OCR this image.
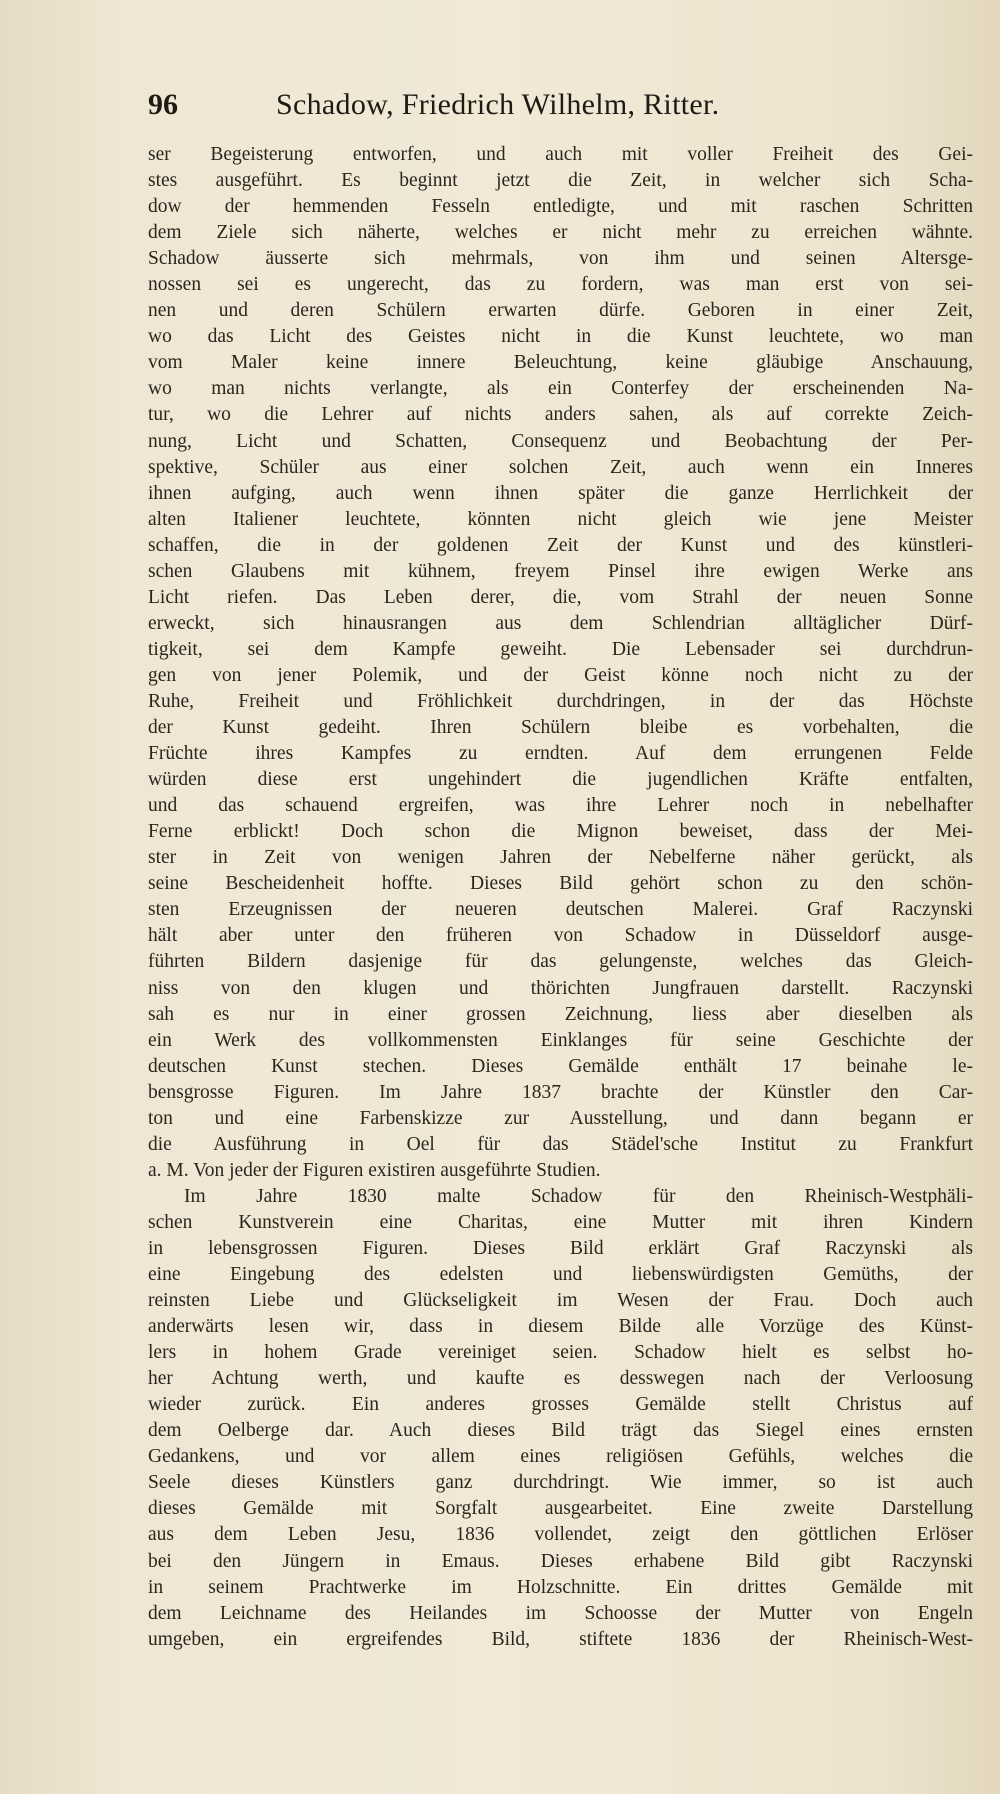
96	Schadow, Friedrich Wilhelm, Ritter.
ser Begeisterung entworfen, und auch mit voller Freiheit des Gei-
stes ausgeführt. Es beginnt jetzt die Zeit, in welcher sich Scha-
dow der hemmenden Fesseln entledigte, und mit raschen Schritten
dem Ziele sich näherte, welches er nicht mehr zu erreichen wähnte.
Schadow äusserte sich mehrmals, von ihm und seinen Altersge-
nossen sei es ungerecht, das zu fordern, was man erst von sei-
nen und deren Schülern erwarten dürfe. Geboren in einer Zeit,
wo das Licht des Geistes nicht in die Kunst leuchtete, wo man
vom Maler keine innere Beleuchtung, keine gläubige Anschauung,
wo man nichts verlangte, als ein Conterfey der erscheinenden Na-
tur, wo die Lehrer auf nichts anders sahen, als auf correkte Zeich-
nung, Licht und Schatten, Consequenz und Beobachtung der Per-
spektive, Schüler aus einer solchen Zeit, auch wenn ein Inneres
ihnen aufging, auch wenn ihnen später die ganze Herrlichkeit der
alten Italiener leuchtete, könnten nicht gleich wie jene Meister
schaffen, die in der goldenen Zeit der Kunst und des künstleri-
schen Glaubens mit kühnem, freyem Pinsel ihre ewigen Werke ans
Licht riefen. Das Leben derer, die, vom Strahl der neuen Sonne
erweckt, sich hinausrangen aus dem Schlendrian alltäglicher Dürf-
tigkeit, sei dem Kampfe geweiht. Die Lebensader sei durchdrun-
gen von jener Polemik, und der Geist könne noch nicht zu der
Ruhe, Freiheit und Fröhlichkeit durchdringen, in der das Höchste
der Kunst gedeiht. Ihren Schülern bleibe es vorbehalten, die
Früchte ihres Kampfes zu erndten. Auf dem errungenen Felde
würden diese erst ungehindert die jugendlichen Kräfte entfalten,
und das schauend ergreifen, was ihre Lehrer noch in nebelhafter
Ferne erblickt! Doch schon die Mignon beweiset, dass der Mei-
ster in Zeit von wenigen Jahren der Nebelferne näher gerückt, als
seine Bescheidenheit hoffte. Dieses Bild gehört schon zu den schön-
sten Erzeugnissen der neueren deutschen Malerei. Graf Raczynski
hält aber unter den früheren von Schadow in Düsseldorf ausge-
führten Bildern dasjenige für das gelungenste, welches das Gleich-
niss von den klugen und thörichten Jungfrauen darstellt. Raczynski
sah es nur in einer grossen Zeichnung, liess aber dieselben als
ein Werk des vollkommensten Einklanges für seine Geschichte der
deutschen Kunst stechen. Dieses Gemälde enthält 17 beinahe le-
bensgrosse Figuren. Im Jahre 1837 brachte der Künstler den Car-
ton und eine Farbenskizze zur Ausstellung, und dann begann er
die Ausführung in Oel für das Städel'sche Institut zu Frankfurt
a. M. Von jeder der Figuren existiren ausgeführte Studien.
Im Jahre 1830 malte Schadow für den Rheinisch-Westphäli-
schen Kunstverein eine Charitas, eine Mutter mit ihren Kindern
in lebensgrossen Figuren. Dieses Bild erklärt Graf Raczynski als
eine Eingebung des edelsten und liebenswürdigsten Gemüths, der
reinsten Liebe und Glückseligkeit im Wesen der Frau. Doch auch
anderwärts lesen wir, dass in diesem Bilde alle Vorzüge des Künst-
lers in hohem Grade vereiniget seien. Schadow hielt es selbst ho-
her Achtung werth, und kaufte es desswegen nach der Verloosung
wieder zurück. Ein anderes grosses Gemälde stellt Christus auf
dem Oelberge dar. Auch dieses Bild trägt das Siegel eines ernsten
Gedankens, und vor allem eines religiösen Gefühls, welches die
Seele dieses Künstlers ganz durchdringt. Wie immer, so ist auch
dieses Gemälde mit Sorgfalt ausgearbeitet. Eine zweite Darstellung
aus dem Leben Jesu, 1836 vollendet, zeigt den göttlichen Erlöser
bei den Jüngern in Emaus. Dieses erhabene Bild gibt Raczynski
in seinem Prachtwerke im Holzschnitte. Ein drittes Gemälde mit
dem Leichname des Heilandes im Schoosse der Mutter von Engeln
umgeben, ein ergreifendes Bild, stiftete 1836 der Rheinisch-West-
